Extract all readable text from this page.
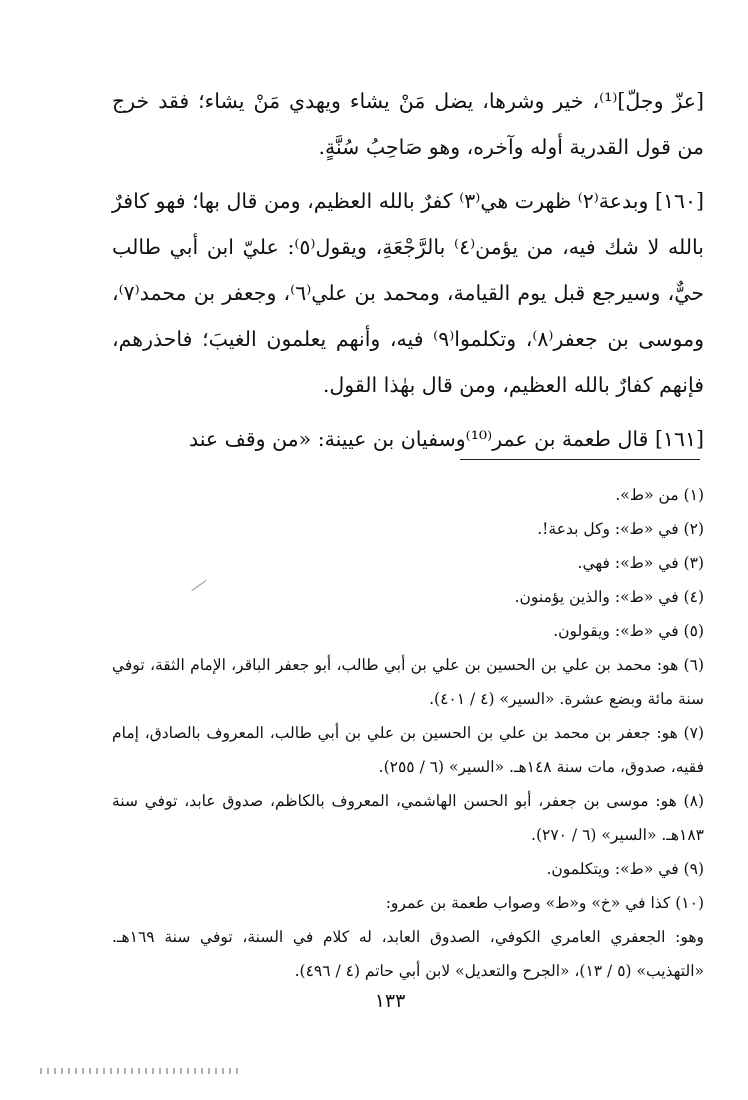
[عزّ وجلّ]⁽¹⁾، خير وشرها، يضل مَنْ يشاء ويهدي مَنْ يشاء؛ فقد خرج من قول القدرية أوله وآخره، وهو صَاحِبُ سُنَّةٍ.

[١٦٠] وبدعة⁽٢⁾ ظهرت هي⁽٣⁾ كفرٌ بالله العظيم، ومن قال بها؛ فهو كافرٌ بالله لا شك فيه، من يؤمن⁽٤⁾ بالرَّجْعَةِ، ويقول⁽٥⁾: عليّ ابن أبي طالب حيٌّ، وسيرجع قبل يوم القيامة، ومحمد بن علي⁽٦⁾، وجعفر بن محمد⁽٧⁾، وموسى بن جعفر⁽٨⁾، وتكلموا⁽٩⁾ فيه، وأنهم يعلمون الغيبَ؛ فاحذرهم، فإنهم كفارٌ بالله العظيم، ومن قال بهٰذا القول.

[١٦١] قال طعمة بن عمر⁽¹⁰⁾وسفيان بن عيينة: «من وقف عند

(١) من «ط».

(٢) في «ط»: وكل بدعة!.

(٣) في «ط»: فهي.

(٤) في «ط»: والذين يؤمنون.

(٥) في «ط»: ويقولون.

(٦) هو: محمد بن علي بن الحسين بن علي بن أبي طالب، أبو جعفر الباقر، الإمام الثقة، توفي سنة مائة وبضع عشرة. «السير» (٤ / ٤٠١).

(٧) هو: جعفر بن محمد بن علي بن الحسين بن علي بن أبي طالب، المعروف بالصادق، إمام فقيه، صدوق، مات سنة ١٤٨هـ. «السير» (٦ / ٢٥٥).

(٨) هو: موسى بن جعفر، أبو الحسن الهاشمي، المعروف بالكاظم، صدوق عابد، توفي سنة ١٨٣هـ. «السير» (٦ / ٢٧٠).

(٩) في «ط»: ويتكلمون.

(١٠) كذا في «خ» و«ط» وصواب طعمة بن عمرو:

وهو: الجعفري العامري الكوفي، الصدوق العابد، له كلام في السنة، توفي سنة ١٦٩هـ. «التهذيب» (٥ / ١٣)، «الجرح والتعديل» لابن أبي حاتم (٤ / ٤٩٦).

١٣٣
